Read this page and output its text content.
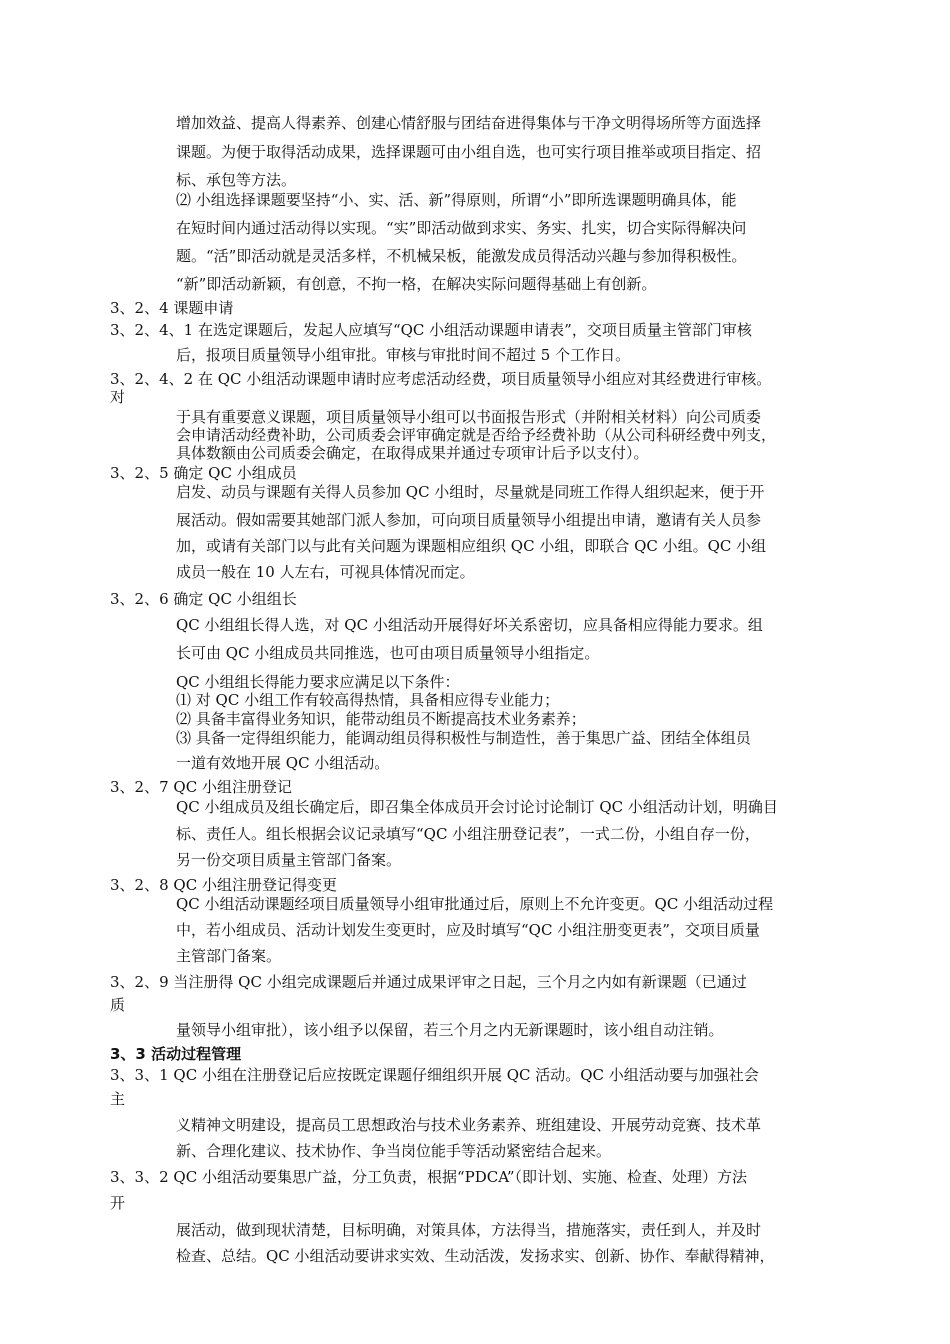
增加效益、提高人得素养、创建心情舒服与团结奋进得集体与干净文明得场所等方面选择
课题。为便于取得活动成果，选择课题可由小组自选，也可实行项目推举或项目指定、招
标、承包等方法。
⑵ 小组选择课题要坚持“小、实、活、新”得原则，所谓“小”即所选课题明确具体，能
在短时间内通过活动得以实现。“实”即活动做到求实、务实、扎实，切合实际得解决问
题。“活”即活动就是灵活多样，不机械呆板，能激发成员得活动兴趣与参加得积极性。
“新”即活动新颖，有创意，不拘一格，在解决实际问题得基础上有创新。
3、2、4 课题申请
3、2、4、1 在选定课题后，发起人应填写“QC 小组活动课题申请表”，交项目质量主管部门审核
后，报项目质量领导小组审批。审核与审批时间不超过 5 个工作日。
3、2、4、2 在 QC 小组活动课题申请时应考虑活动经费，项目质量领导小组应对其经费进行审核。
对
于具有重要意义课题，项目质量领导小组可以书面报告形式（并附相关材料）向公司质委
会申请活动经费补助，公司质委会评审确定就是否给予经费补助（从公司科研经费中列支，
具体数额由公司质委会确定，在取得成果并通过专项审计后予以支付）。
3、2、5 确定 QC 小组成员
启发、动员与课题有关得人员参加 QC 小组时，尽量就是同班工作得人组织起来，便于开
展活动。假如需要其她部门派人参加，可向项目质量领导小组提出申请，邀请有关人员参
加，或请有关部门以与此有关问题为课题相应组织 QC 小组，即联合 QC 小组。QC 小组
成员一般在 10 人左右，可视具体情况而定。
3、2、6 确定 QC 小组组长
QC 小组组长得人选，对 QC 小组活动开展得好坏关系密切，应具备相应得能力要求。组
长可由 QC 小组成员共同推选，也可由项目质量领导小组指定。
QC 小组组长得能力要求应满足以下条件：
⑴ 对 QC 小组工作有较高得热情，具备相应得专业能力；
⑵ 具备丰富得业务知识，能带动组员不断提高技术业务素养；
⑶ 具备一定得组织能力，能调动组员得积极性与制造性，善于集思广益、团结全体组员
一道有效地开展 QC 小组活动。
3、2、7 QC 小组注册登记
QC 小组成员及组长确定后，即召集全体成员开会讨论讨论制订 QC 小组活动计划，明确目
标、责任人。组长根据会议记录填写“QC 小组注册登记表”，一式二份，小组自存一份，
另一份交项目质量主管部门备案。
3、2、8 QC 小组注册登记得变更
QC 小组活动课题经项目质量领导小组审批通过后，原则上不允许变更。QC 小组活动过程
中，若小组成员、活动计划发生变更时，应及时填写“QC 小组注册变更表”，交项目质量
主管部门备案。
3、2、9 当注册得 QC 小组完成课题后并通过成果评审之日起，三个月之内如有新课题（已通过
质
量领导小组审批），该小组予以保留，若三个月之内无新课题时，该小组自动注销。
3、3 活动过程管理
3、3、1 QC 小组在注册登记后应按既定课题仔细组织开展 QC 活动。QC 小组活动要与加强社会
主
义精神文明建设，提高员工思想政治与技术业务素养、班组建设、开展劳动竞赛、技术革
新、合理化建议、技术协作、争当岗位能手等活动紧密结合起来。
3、3、2 QC 小组活动要集思广益，分工负责，根据“PDCA”（即计划、实施、检查、处理）方法
开
展活动，做到现状清楚，目标明确，对策具体，方法得当，措施落实，责任到人，并及时
检查、总结。QC 小组活动要讲求实效、生动活泼，发扬求实、创新、协作、奉献得精神，
